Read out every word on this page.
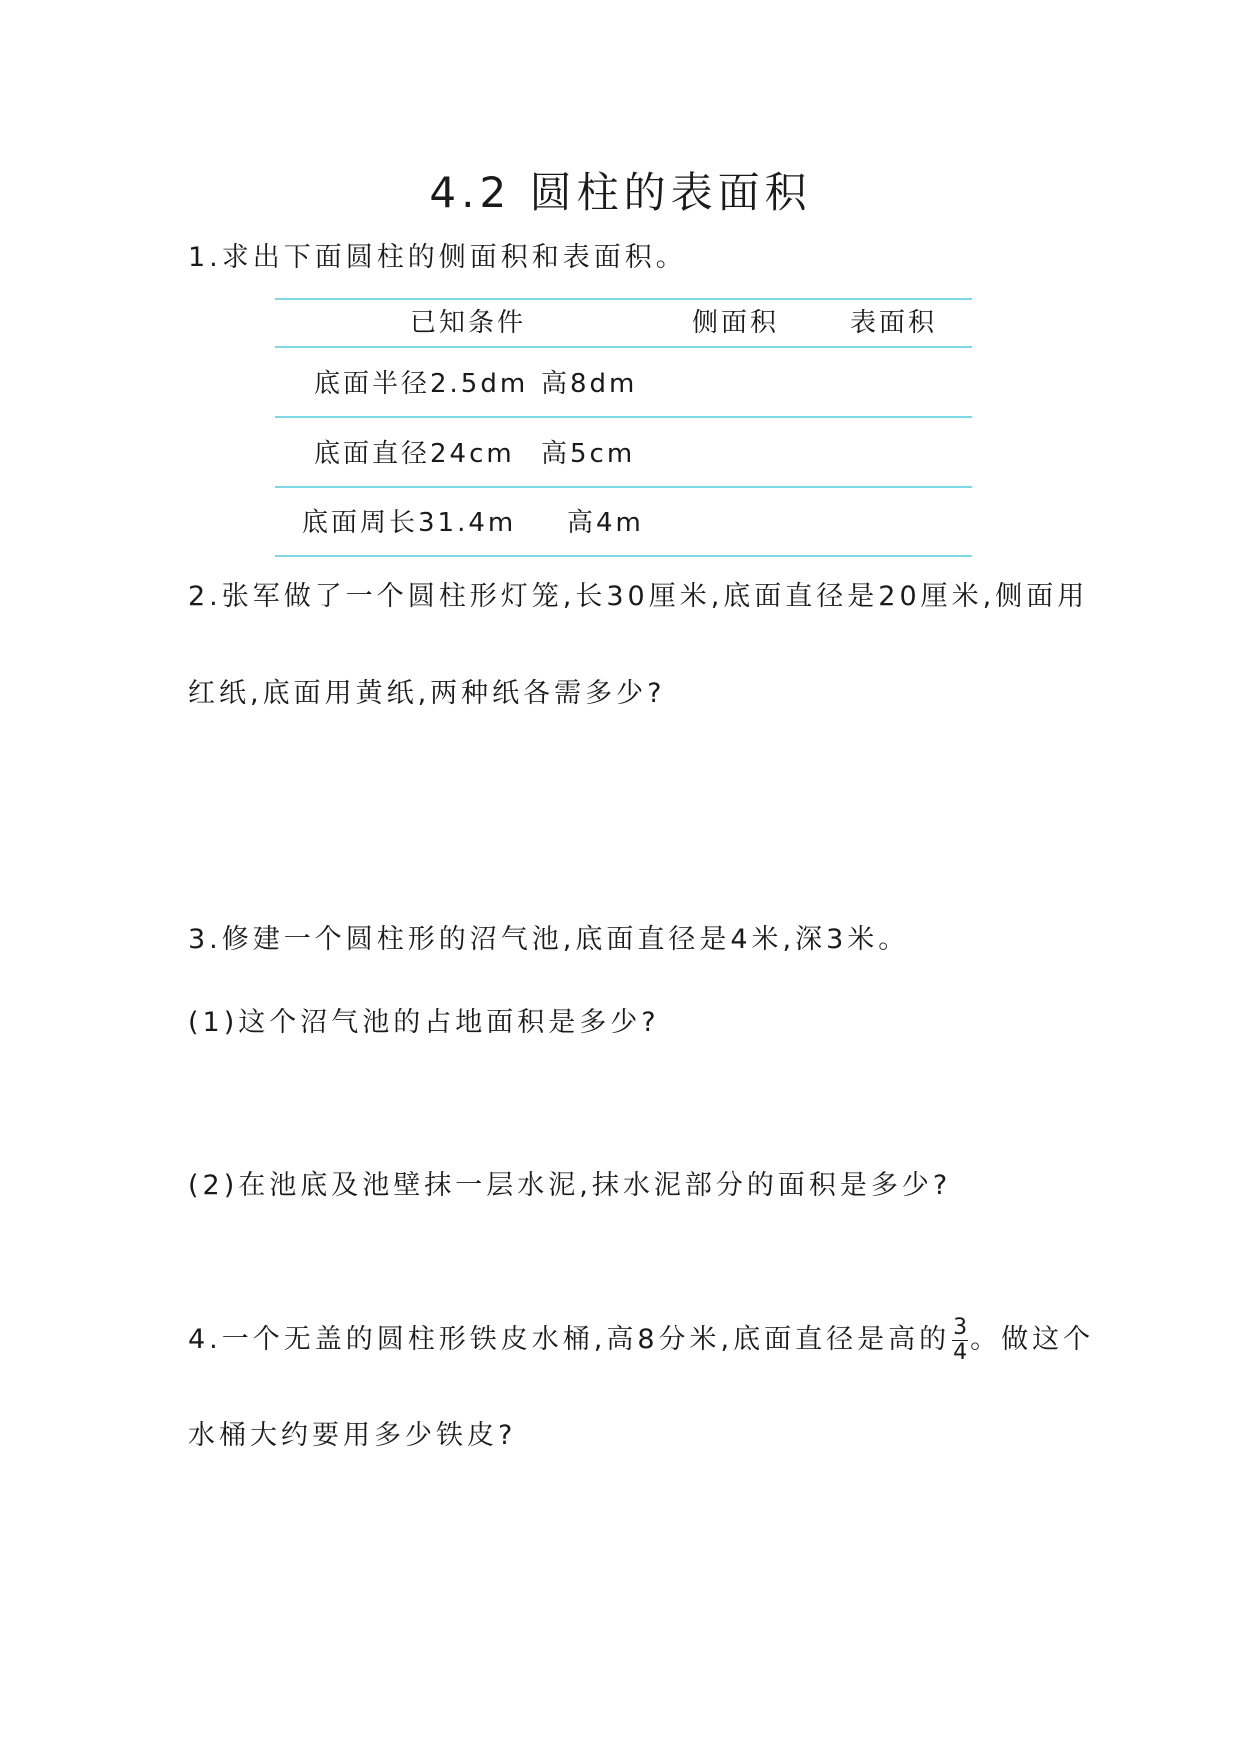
4.2 圆柱的表面积
1.求出下面圆柱的侧面积和表面积。
已知条件	侧面积	表面积
底面半径2.5dm 高8dm
底面直径24cm 高5cm
底面周长31.4m 高4m
2.张军做了一个圆柱形灯笼,长30厘米,底面直径是20厘米,侧面用
红纸,底面用黄纸,两种纸各需多少?
3.修建一个圆柱形的沼气池,底面直径是4米,深3米。
(1)这个沼气池的占地面积是多少?
(2)在池底及池壁抹一层水泥,抹水泥部分的面积是多少?
4.一个无盖的圆柱形铁皮水桶,高8分米,底面直径是高的 $\frac{3}{4}$ 。做这个
水桶大约要用多少铁皮?
